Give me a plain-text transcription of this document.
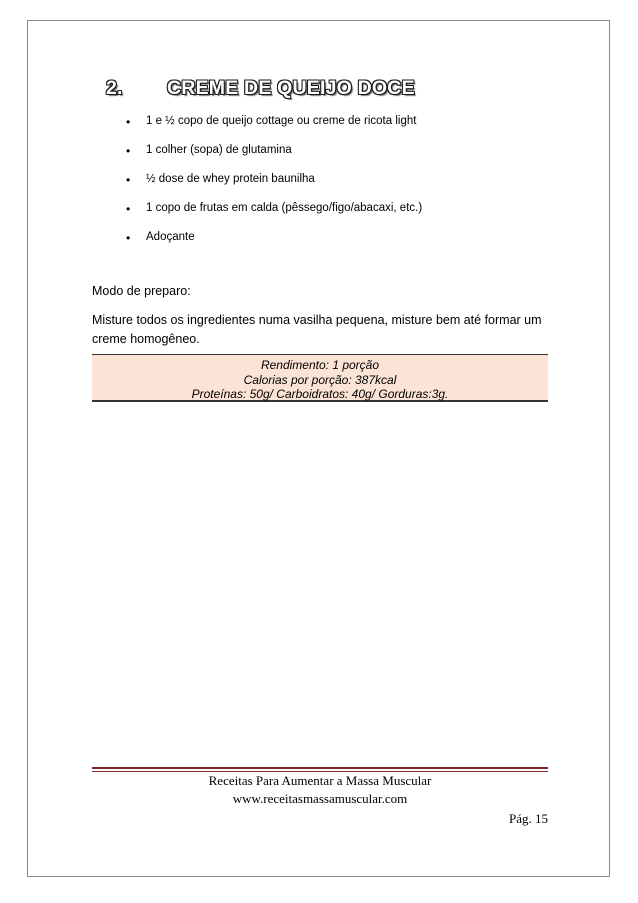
2. CREME DE QUEIJO DOCE
•	1 e ½ copo de queijo cottage ou creme de ricota light
•	1 colher (sopa) de glutamina
•	½ dose de whey protein baunilha
•	1 copo de frutas em calda (pêssego/figo/abacaxi, etc.)
•	Adoçante
Modo de preparo:
Misture todos os ingredientes numa vasilha pequena, misture bem até formar um creme homogêneo.
Rendimento: 1 porção
Calorias por porção: 387kcal
Proteínas: 50g/ Carboidratos: 40g/ Gorduras:3g.
Receitas Para Aumentar a Massa Muscular
www.receitasmassamuscular.com
Pág. 15
